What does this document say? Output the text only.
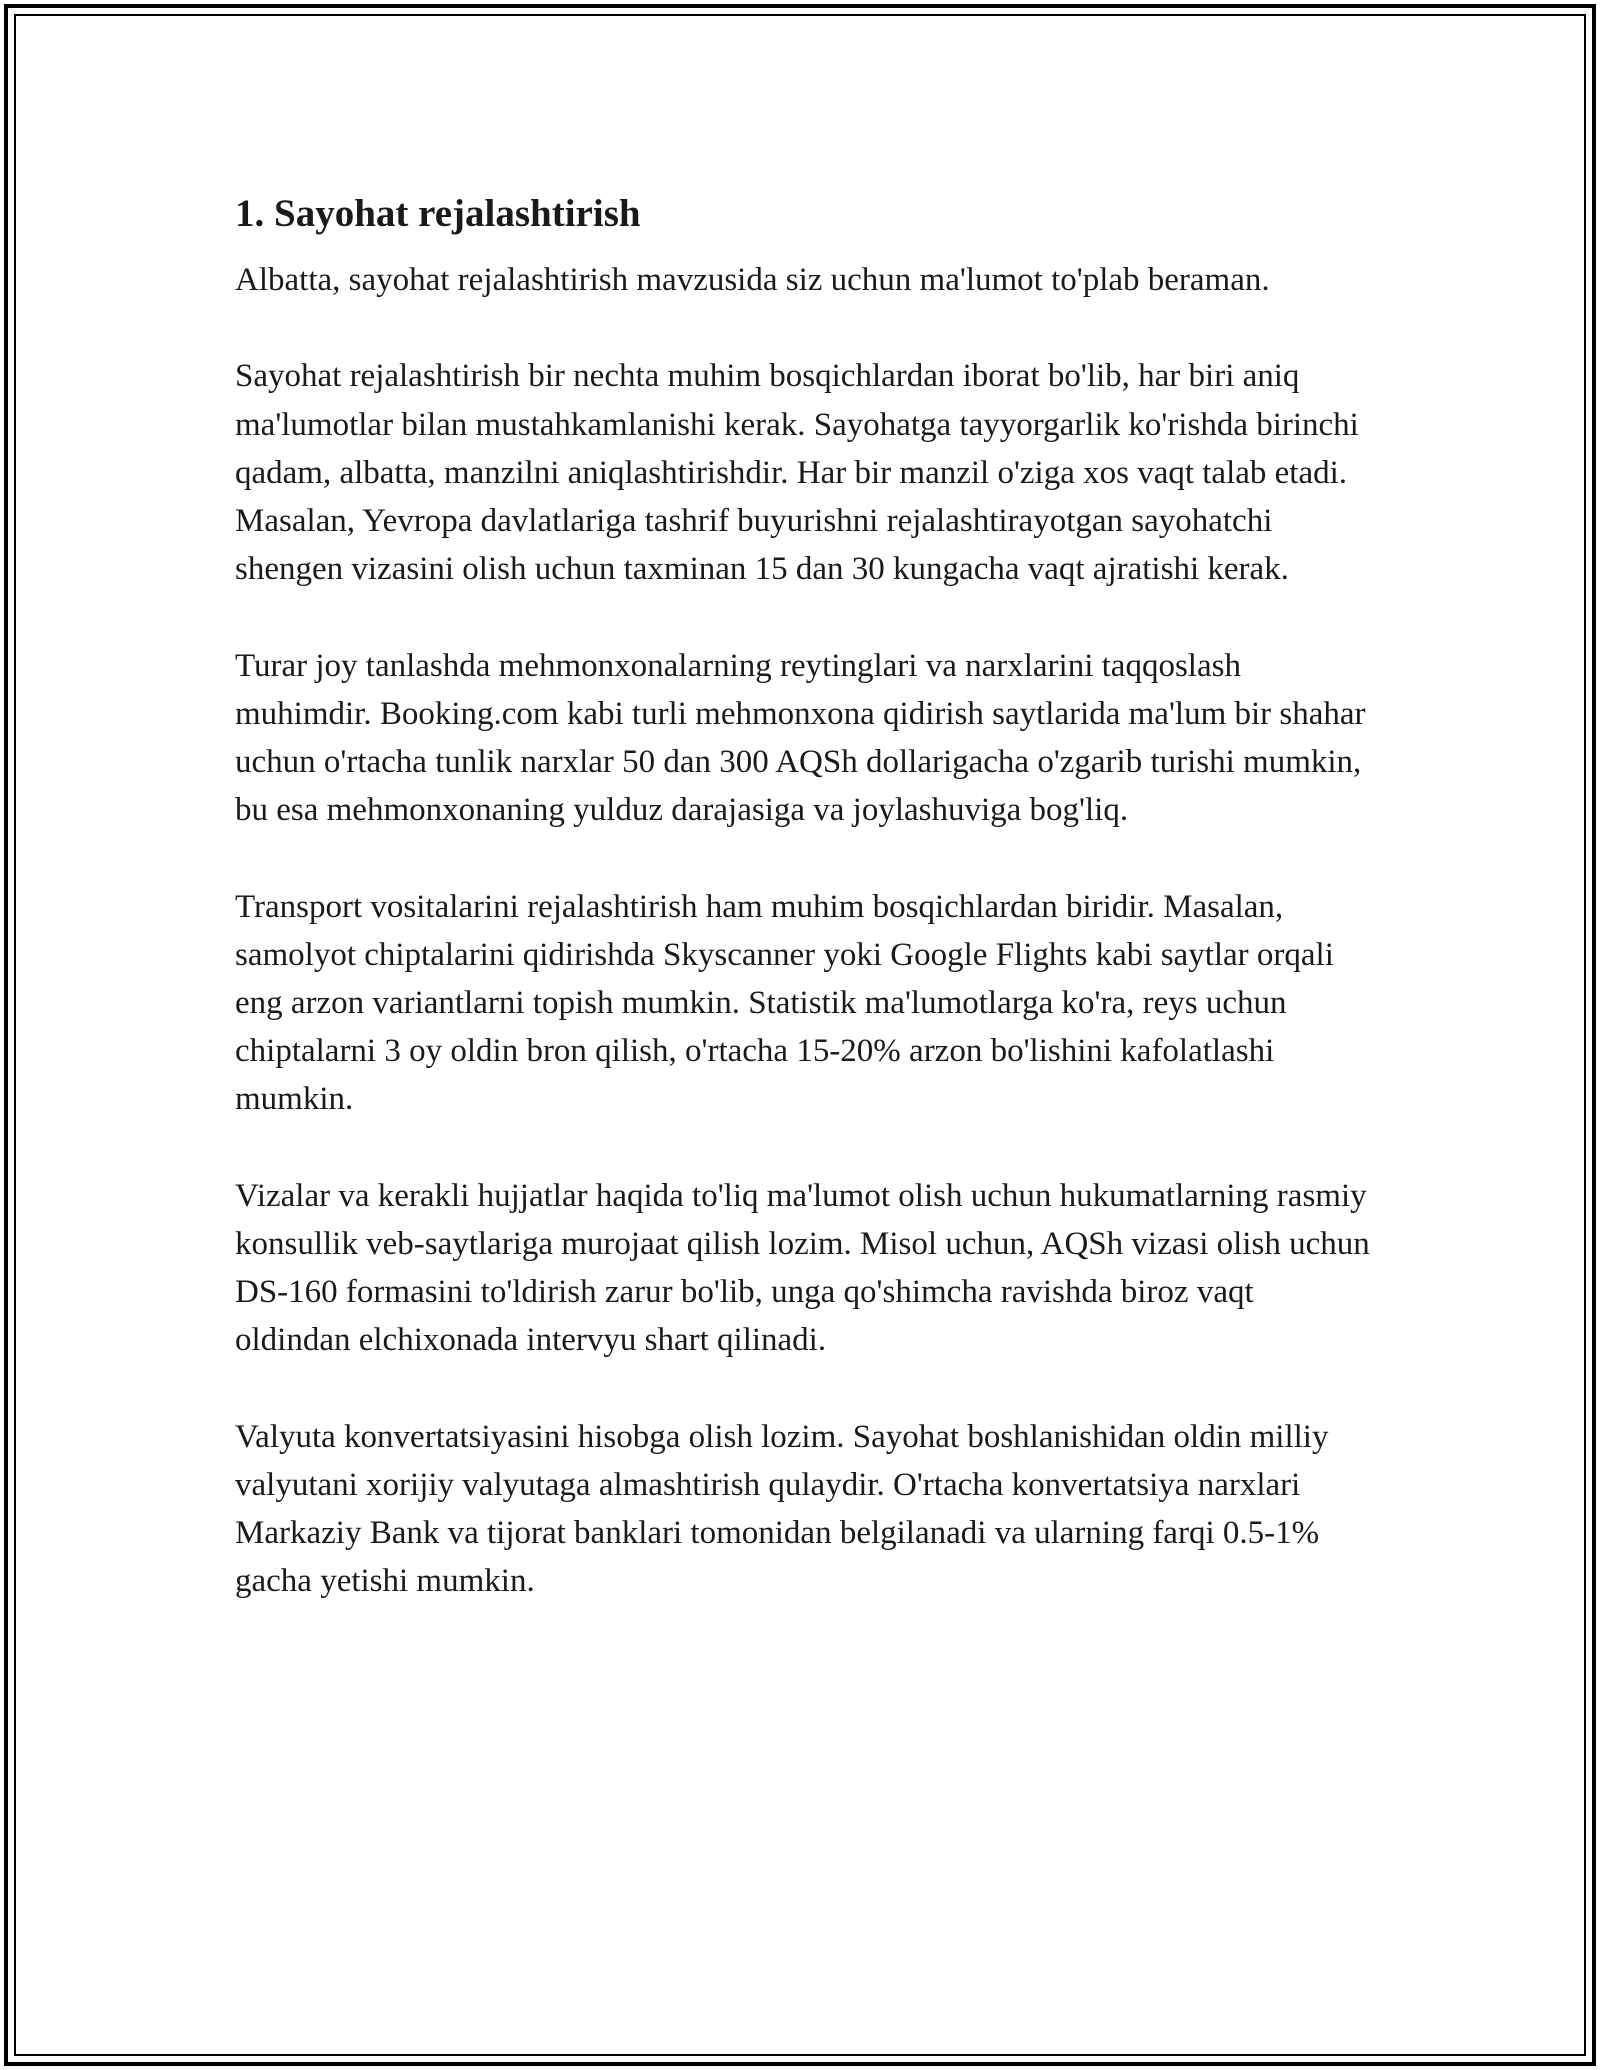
1. Sayohat rejalashtirish

Albatta, sayohat rejalashtirish mavzusida siz uchun ma'lumot to'plab beraman.

Sayohat rejalashtirish bir nechta muhim bosqichlardan iborat bo'lib, har biri aniq ma'lumotlar bilan mustahkamlanishi kerak. Sayohatga tayyorgarlik ko'rishda birinchi qadam, albatta, manzilni aniqlashtirishdir. Har bir manzil o'ziga xos vaqt talab etadi. Masalan, Yevropa davlatlariga tashrif buyurishni rejalashtirayotgan sayohatchi shengen vizasini olish uchun taxminan 15 dan 30 kungacha vaqt ajratishi kerak.

Turar joy tanlashda mehmonxonalarning reytinglari va narxlarini taqqoslash muhimdir. Booking.com kabi turli mehmonxona qidirish saytlarida ma'lum bir shahar uchun o'rtacha tunlik narxlar 50 dan 300 AQSh dollarigacha o'zgarib turishi mumkin, bu esa mehmonxonaning yulduz darajasiga va joylashuviga bog'liq.

Transport vositalarini rejalashtirish ham muhim bosqichlardan biridir. Masalan, samolyot chiptalarini qidirishda Skyscanner yoki Google Flights kabi saytlar orqali eng arzon variantlarni topish mumkin. Statistik ma'lumotlarga ko'ra, reys uchun chiptalarni 3 oy oldin bron qilish, o'rtacha 15-20% arzon bo'lishini kafolatlashi mumkin.

Vizalar va kerakli hujjatlar haqida to'liq ma'lumot olish uchun hukumatlarning rasmiy konsullik veb-saytlariga murojaat qilish lozim. Misol uchun, AQSh vizasi olish uchun DS-160 formasini to'ldirish zarur bo'lib, unga qo'shimcha ravishda biroz vaqt oldindan elchixonada intervyu shart qilinadi.

Valyuta konvertatsiyasini hisobga olish lozim. Sayohat boshlanishidan oldin milliy valyutani xorijiy valyutaga almashtirish qulaydir. O'rtacha konvertatsiya narxlari Markaziy Bank va tijorat banklari tomonidan belgilanadi va ularning farqi 0.5-1% gacha yetishi mumkin.
